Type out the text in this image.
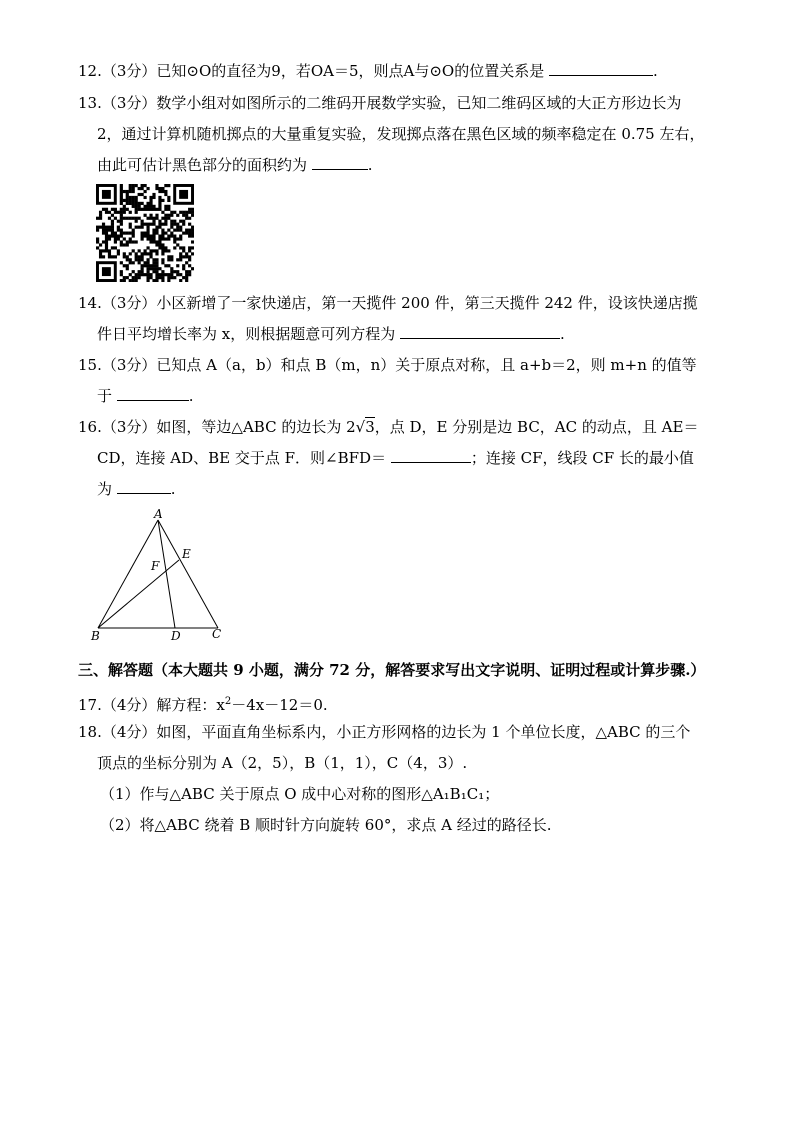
12.（3分）已知⊙O的直径为9，若OA＝5，则点A与⊙O的位置关系是	.
13.（3分）数学小组对如图所示的二维码开展数学实验，已知二维码区域的大正方形边长为
2，通过计算机随机掷点的大量重复实验，发现掷点落在黑色区域的频率稳定在 0.75 左右，
由此可估计黑色部分的面积约为	.
14.（3分）小区新增了一家快递店，第一天揽件 200 件，第三天揽件 242 件，设该快递店揽
件日平均增长率为 x，则根据题意可列方程为	.
15.（3分）已知点 A（a，b）和点 B（m，n）关于原点对称，且 a+b＝2，则 m+n 的值等
于	.
16.（3分）如图，等边△ABC 的边长为 2√3，点 D，E 分别是边 BC，AC 的动点，且 AE＝
CD，连接 AD、BE 交于点 F．则∠BFD＝	；连接 CF，线段 CF 长的最小值
为	.
A
B	C
D
E
F
三、解答题（本大题共 9 小题，满分 72 分，解答要求写出文字说明、证明过程或计算步骤.）
17.（4分）解方程：$x^2-4x-12=0$.
18.（4分）如图，平面直角坐标系内，小正方形网格的边长为 1 个单位长度，△ABC 的三个
顶点的坐标分别为 A（2，5），B（1，1），C（4，3）.
（1）作与△ABC 关于原点 O 成中心对称的图形△A₁B₁C₁；
（2）将△ABC 绕着 B 顺时针方向旋转 60°，求点 A 经过的路径长.
